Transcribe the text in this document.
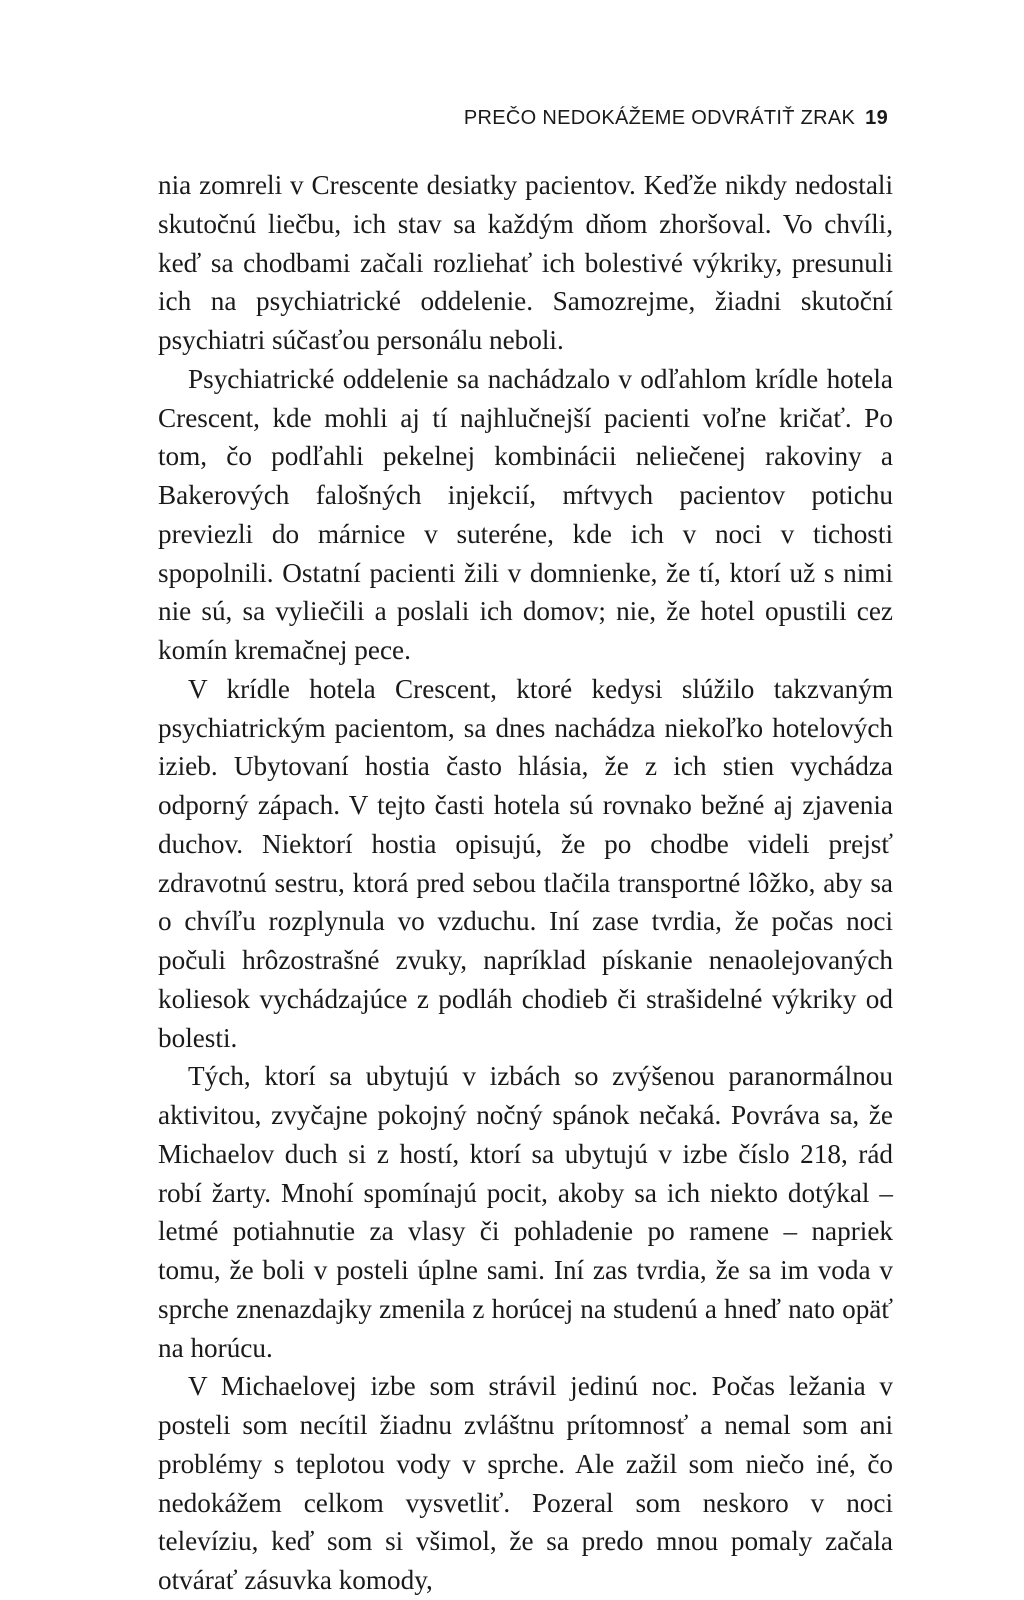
PREČO NEDOKÁŽEME ODVRÁTIŤ ZRAK 19

nia zomreli v Crescente desiatky pacientov. Keďže nikdy nedostali skutočnú liečbu, ich stav sa každým dňom zhoršoval. Vo chvíli, keď sa chodbami začali rozliehať ich bolestivé výkriky, presunuli ich na psychiatrické oddelenie. Samozrejme, žiadni skutoční psychiatri súčasťou personálu neboli.

Psychiatrické oddelenie sa nachádzalo v odľahlom krídle hotela Crescent, kde mohli aj tí najhlučnejší pacienti voľne kričať. Po tom, čo podľahli pekelnej kombinácii neliečenej rakoviny a Bakerových falošných injekcií, mŕtvych pacientov potichu previezli do márnice v suteréne, kde ich v noci v tichosti spopolnili. Ostatní pacienti žili v domnienke, že tí, ktorí už s nimi nie sú, sa vyliečili a poslali ich domov; nie, že hotel opustili cez komín kremačnej pece.

V krídle hotela Crescent, ktoré kedysi slúžilo takzvaným psychiatrickým pacientom, sa dnes nachádza niekoľko hotelových izieb. Ubytovaní hostia často hlásia, že z ich stien vychádza odporný zápach. V tejto časti hotela sú rovnako bežné aj zjavenia duchov. Niektorí hostia opisujú, že po chodbe videli prejsť zdravotnú sestru, ktorá pred sebou tlačila transportné lôžko, aby sa o chvíľu rozplynula vo vzduchu. Iní zase tvrdia, že počas noci počuli hrôzostrašné zvuky, napríklad pískanie nenaolejovaných koliesok vychádzajúce z podláh chodieb či strašidelné výkriky od bolesti.

Tých, ktorí sa ubytujú v izbách so zvýšenou paranormálnou aktivitou, zvyčajne pokojný nočný spánok nečaká. Povráva sa, že Michaelov duch si z hostí, ktorí sa ubytujú v izbe číslo 218, rád robí žarty. Mnohí spomínajú pocit, akoby sa ich niekto dotýkal – letmé potiahnutie za vlasy či pohladenie po ramene – napriek tomu, že boli v posteli úplne sami. Iní zas tvrdia, že sa im voda v sprche znenazdajky zmenila z horúcej na studenú a hneď nato opäť na horúcu.

V Michaelovej izbe som strávil jedinú noc. Počas ležania v posteli som necítil žiadnu zvláštnu prítomnosť a nemal som ani problémy s teplotou vody v sprche. Ale zažil som niečo iné, čo nedokážem celkom vysvetliť. Pozeral som neskoro v noci televíziu, keď som si všimol, že sa predo mnou pomaly začala otvárať zásuvka komody,
